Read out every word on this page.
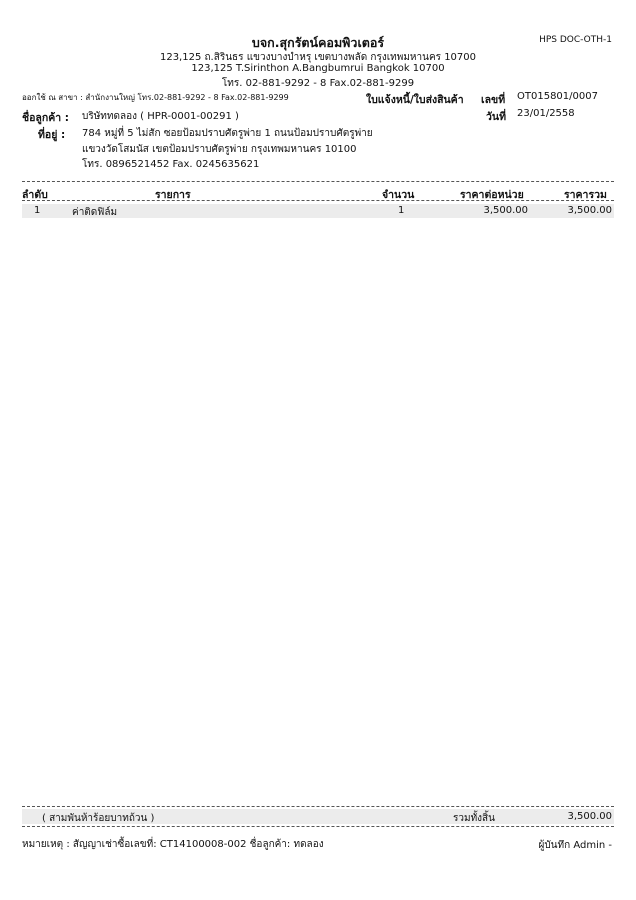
HPS DOC-OTH-1
บจก.สุกรัตน์คอมพิวเตอร์
123,125 ถ.สิรินธร แขวงบางบำหรุ เขตบางพลัด กรุงเทพมหานคร 10700
123,125 T.Sirinthon A.Bangbumrui Bangkok 10700
โทร. 02-881-9292 - 8 Fax.02-881-9299
ออกใช้ ณ สาขา : สำนักงานใหญ่ โทร.02-881-9292 - 8 Fax.02-881-9299	ใบแจ้งหนี้/ใบส่งสินค้า เลขที่ OT015801/0007
วันที่ 23/01/2558
ชื่อลูกค้า : บริษัททดลอง ( HPR-0001-00291 )
ที่อยู่ : 784 หมู่ที่ 5 ไม่สัก ซอยป้อมปราบศัตรูพ่าย 1 ถนนป้อมปราบศัตรูพ่าย
แขวงวัดโสมนัส เขตป้อมปราบศัตรูพ่าย กรุงเทพมหานคร 10100
โทร. 0896521452 Fax. 0245635621
ลำดับ	รายการ	จำนวน	ราคาต่อหน่วย	ราคารวม
1	ค่าติดฟิล์ม	1	3,500.00	3,500.00
( สามพันห้าร้อยบาทถ้วน )	รวมทั้งสิ้น	3,500.00
หมายเหตุ : สัญญาเช่าซื้อเลขที่: CT14100008-002 ชื่อลูกค้า: ทดลอง	ผู้บันทึก Admin -
